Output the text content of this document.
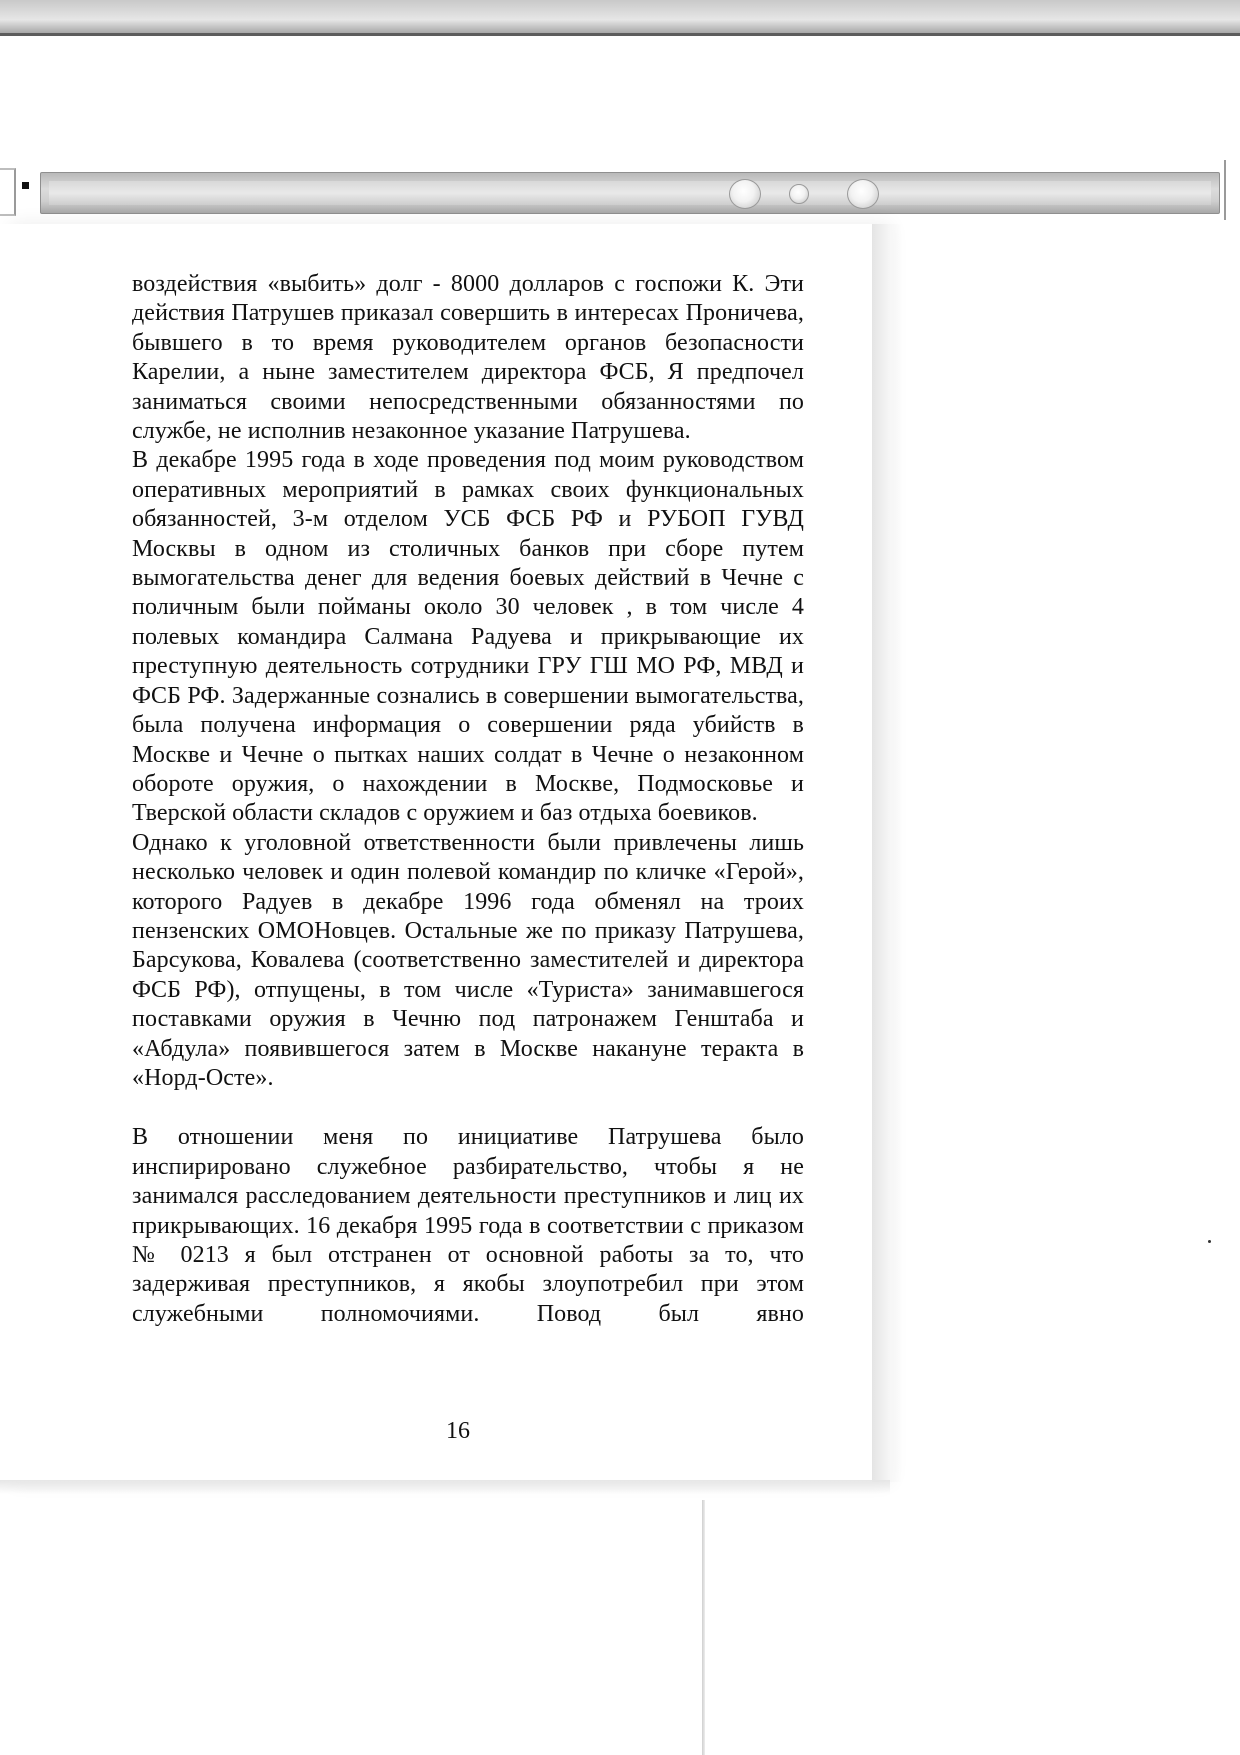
воздействия «выбить» долг - 8000 долларов с госпожи К. Эти действия Патрушев приказал совершить в интересах Проничева, бывшего в то время руководителем органов безопасности Карелии, а ныне заместителем директора ФСБ, Я предпочел заниматься своими непосредственными обязанностями по службе, не исполнив незаконное указание Патрушева.

В декабре 1995 года в ходе проведения под моим руководством оперативных мероприятий в рамках своих функциональных обязанностей, 3-м отделом УСБ ФСБ РФ и РУБОП ГУВД Москвы в одном из столичных банков при сборе путем вымогательства денег для ведения боевых действий в Чечне с поличным были пойманы около 30 человек , в том числе 4 полевых командира Салмана Радуева и прикрывающие их преступную деятельность сотрудники ГРУ ГШ МО РФ, МВД и ФСБ РФ. Задержанные сознались в совершении вымогательства, была получена информация о совершении ряда убийств в Москве и Чечне о пытках наших солдат в Чечне о незаконном обороте оружия, о нахождении в Москве, Подмосковье и Тверской области складов с оружием и баз отдыха боевиков.

Однако к уголовной ответственности были привлечены лишь несколько человек и один полевой командир по кличке «Герой», которого Радуев в декабре 1996 года обменял на троих пензенских ОМОНовцев. Остальные же по приказу Патрушева, Барсукова, Ковалева (соответственно заместителей и директора ФСБ РФ), отпущены, в том числе «Туриста» занимавшегося поставками оружия в Чечню под патронажем Генштаба и «Абдула» появившегося затем в Москве накануне теракта в «Норд-Осте».

В отношении меня по инициативе Патрушева было инспирировано служебное разбирательство, чтобы я не занимался расследованием деятельности преступников и лиц их прикрывающих. 16 декабря 1995 года в соответствии с приказом № 0213 я был отстранен от основной работы за то, что задерживая преступников, я якобы злоупотребил при этом служебными полномочиями. Повод был явно

16
